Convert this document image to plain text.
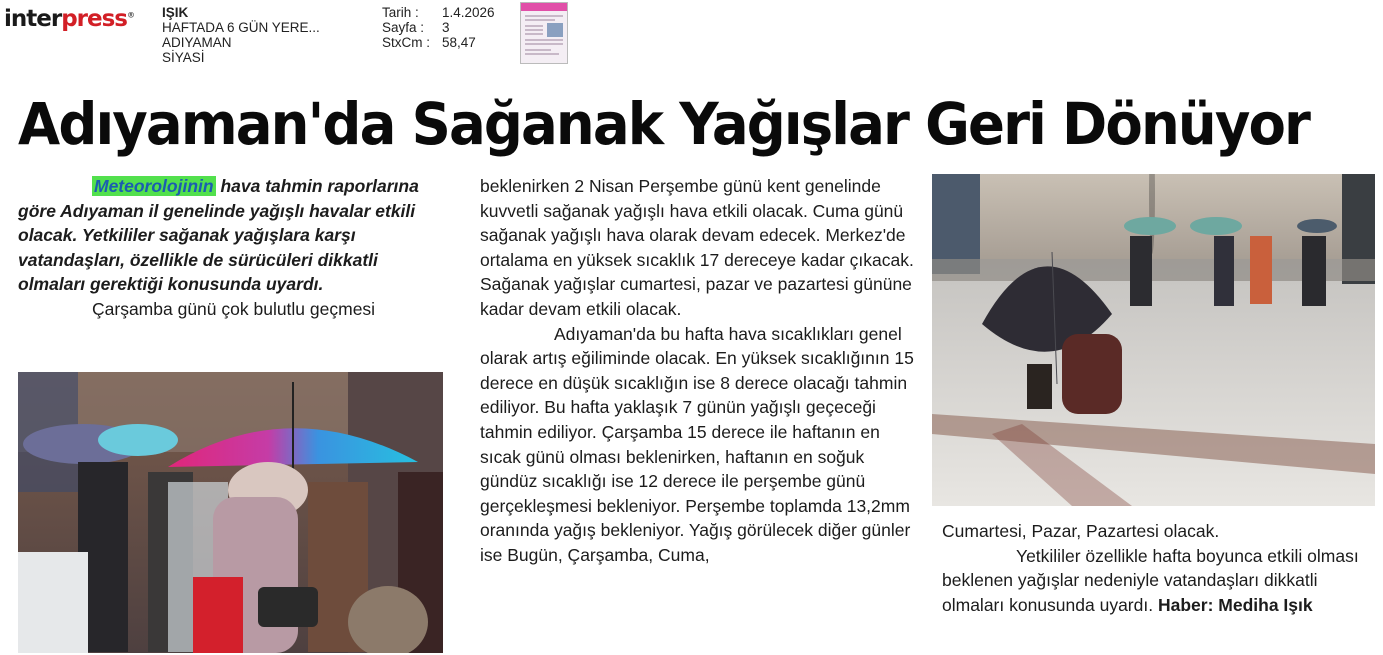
interpress® IŞIK
HAFTADA 6 GÜN YERE...
ADIYAMAN
SİYASİ
Tarih :	1.4.2026
Sayfa :	3
StxCm : 58,47
Adıyaman'da Sağanak Yağışlar Geri Dönüyor
Meteorolojinin hava tahmin raporlarına göre Adıyaman il genelinde yağışlı havalar etkili olacak. Yetkililer sağanak yağışlara karşı vatandaşları, özellikle de sürücüleri dikkatli olmaları gerektiği konusunda uyardı.
Çarşamba günü çok bulutlu geçmesi
beklenirken 2 Nisan Perşembe günü kent genelinde kuvvetli sağanak yağışlı hava etkili olacak. Cuma günü sağanak yağışlı hava olarak devam edecek. Merkez'de ortalama en yüksek sıcaklık 17 dereceye kadar çıkacak. Sağanak yağışlar cumartesi, pazar ve pazartesi gününe kadar devam etkili olacak.
Adıyaman'da bu hafta hava sıcaklıkları genel olarak artış eğiliminde olacak. En yüksek sıcaklığının 15 derece en düşük sıcaklığın ise 8 derece olacağı tahmin ediliyor. Bu hafta yaklaşık 7 günün yağışlı geçeceği tahmin ediliyor. Çarşamba 15 derece ile haftanın en sıcak günü olması beklenirken, haftanın en soğuk gündüz sıcaklığı ise 12 derece ile perşembe günü gerçekleşmesi bekleniyor. Perşembe toplamda 13,2mm oranında yağış bekleniyor. Yağış görülecek diğer günler ise Bugün, Çarşamba, Cuma,
Cumartesi, Pazar, Pazartesi olacak.
Yetkililer özellikle hafta boyunca etkili olması beklenen yağışlar nedeniyle vatandaşları dikkatli olmaları konusunda uyardı. Haber: Mediha Işık
